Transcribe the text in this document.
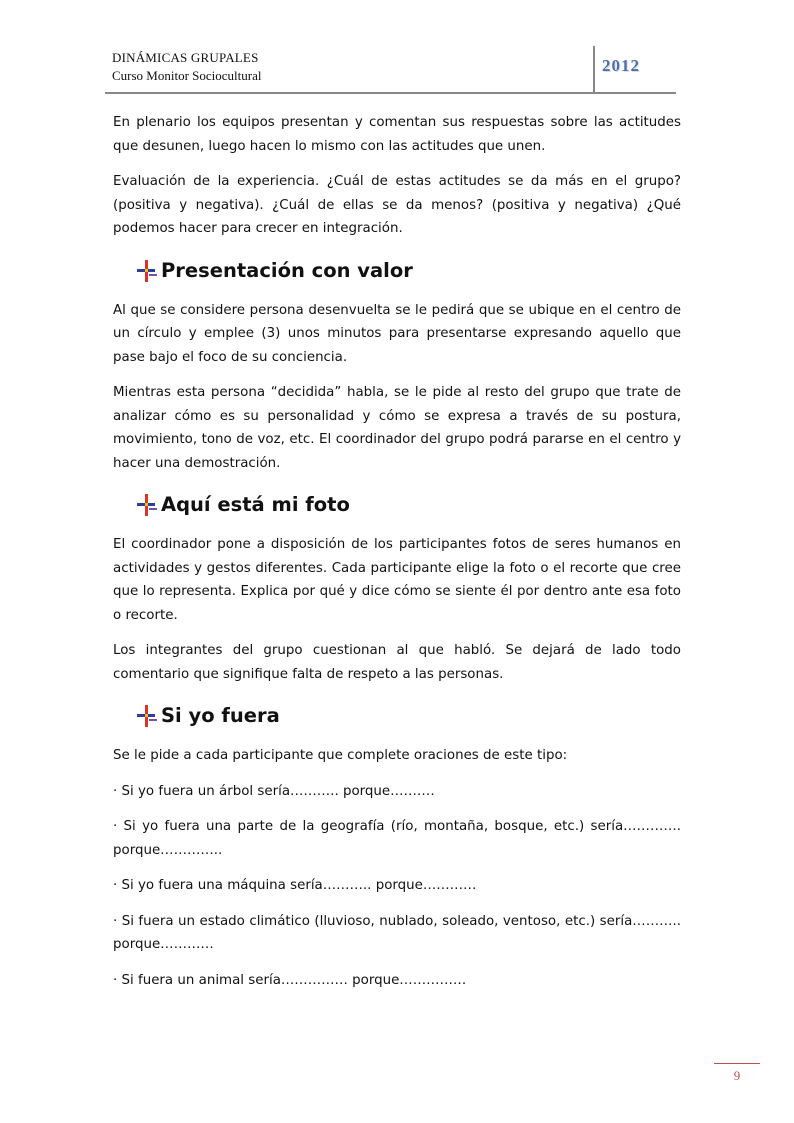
DINÁMICAS GRUPALES
Curso Monitor Sociocultural
2012

En plenario los equipos presentan y comentan sus respuestas sobre las actitudes que desunen, luego hacen lo mismo con las actitudes que unen.

Evaluación de la experiencia. ¿Cuál de estas actitudes se da más en el grupo? (positiva y negativa). ¿Cuál de ellas se da menos? (positiva y negativa) ¿Qué podemos hacer para crecer en integración.

Presentación con valor

Al que se considere persona desenvuelta se le pedirá que se ubique en el centro de un círculo y emplee (3) unos minutos para presentarse expresando aquello que pase bajo el foco de su conciencia.

Mientras esta persona “decidida” habla, se le pide al resto del grupo que trate de analizar cómo es su personalidad y cómo se expresa a través de su postura, movimiento, tono de voz, etc. El coordinador del grupo podrá pararse en el centro y hacer una demostración.

Aquí está mi foto

El coordinador pone a disposición de los participantes fotos de seres humanos en actividades y gestos diferentes. Cada participante elige la foto o el recorte que cree que lo representa. Explica por qué y dice cómo se siente él por dentro ante esa foto o recorte.

Los integrantes del grupo cuestionan al que habló. Se dejará de lado todo comentario que signifique falta de respeto a las personas.

Si yo fuera

Se le pide a cada participante que complete oraciones de este tipo:

· Si yo fuera un árbol sería……….. porque……….

· Si yo fuera una parte de la geografía (río, montaña, bosque, etc.) sería…………. porque…………..

· Si yo fuera una máquina sería……….. porque…………

· Si fuera un estado climático (lluvioso, nublado, soleado, ventoso, etc.) sería……….. porque…………

· Si fuera un animal sería…………… porque……………

9
